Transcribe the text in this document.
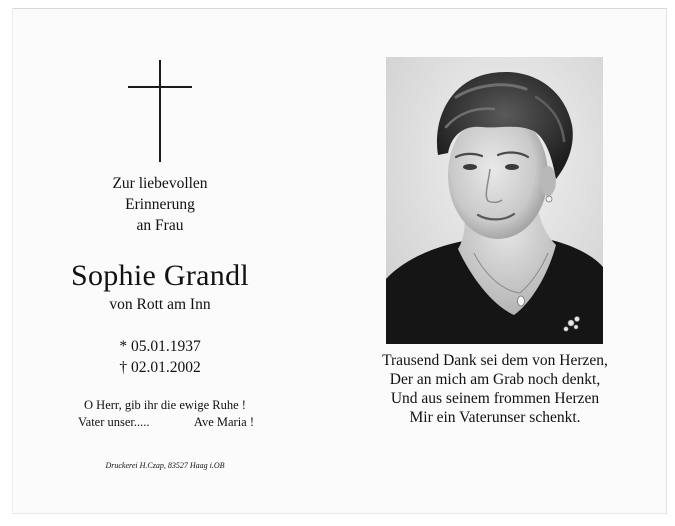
Zur liebevollen
Erinnerung
an Frau
Sophie Grandl
von Rott am Inn
* 05.01.1937
† 02.01.2002
O Herr, gib ihr die ewige Ruhe !
Vater unser.....	Ave Maria !
Druckerei H.Czap, 83527 Haag i.OB
Trausend Dank sei dem von Herzen,
Der an mich am Grab noch denkt,
Und aus seinem frommen Herzen
Mir ein Vaterunser schenkt.
